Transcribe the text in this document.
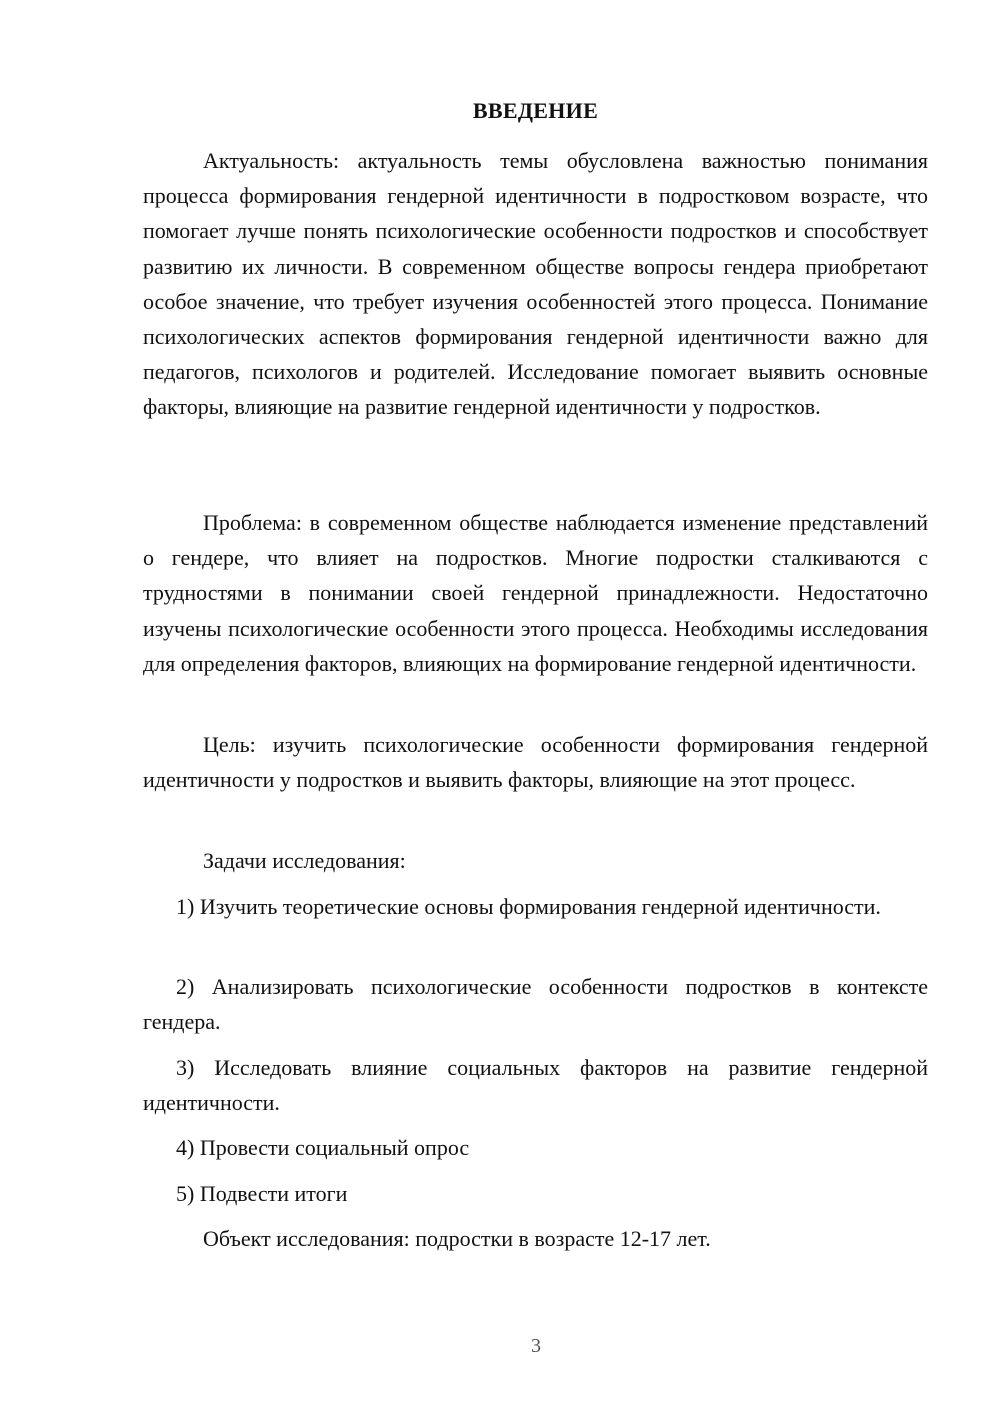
ВВЕДЕНИЕ

Актуальность: актуальность темы обусловлена важностью понимания процесса формирования гендерной идентичности в подростковом возрасте, что помогает лучше понять психологические особенности подростков и способствует развитию их личности. В современном обществе вопросы гендера приобретают особое значение, что требует изучения особенностей этого процесса. Понимание психологических аспектов формирования гендерной идентичности важно для педагогов, психологов и родителей. Исследование помогает выявить основные факторы, влияющие на развитие гендерной идентичности у подростков.

Проблема: в современном обществе наблюдается изменение представлений о гендере, что влияет на подростков. Многие подростки сталкиваются с трудностями в понимании своей гендерной принадлежности. Недостаточно изучены психологические особенности этого процесса. Необходимы исследования для определения факторов, влияющих на формирование гендерной идентичности.

Цель: изучить психологические особенности формирования гендерной идентичности у подростков и выявить факторы, влияющие на этот процесс.

Задачи исследования:

1) Изучить теоретические основы формирования гендерной идентичности.

2) Анализировать психологические особенности подростков в контексте гендера.

3) Исследовать влияние социальных факторов на развитие гендерной идентичности.

4) Провести социальный опрос

5) Подвести итоги

Объект исследования: подростки в возрасте 12-17 лет.

3
